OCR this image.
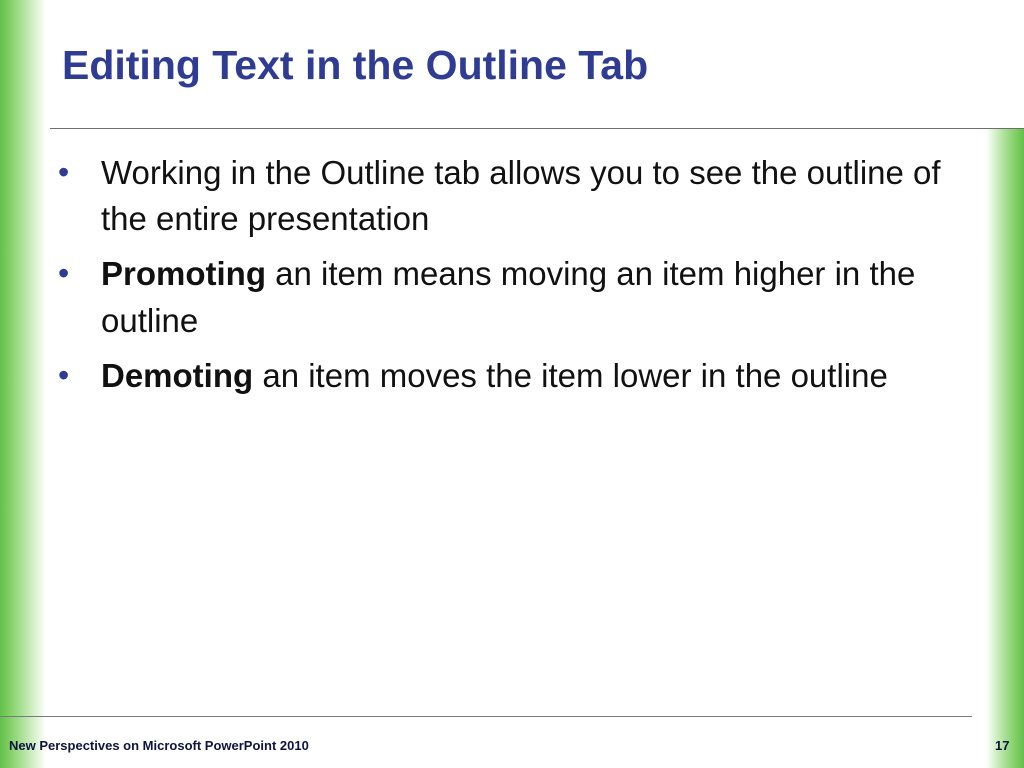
Editing Text in the Outline Tab
• Working in the Outline tab allows you to see the outline of the entire presentation
• Promoting an item means moving an item higher in the outline
• Demoting an item moves the item lower in the outline
New Perspectives on Microsoft PowerPoint 2010	17
